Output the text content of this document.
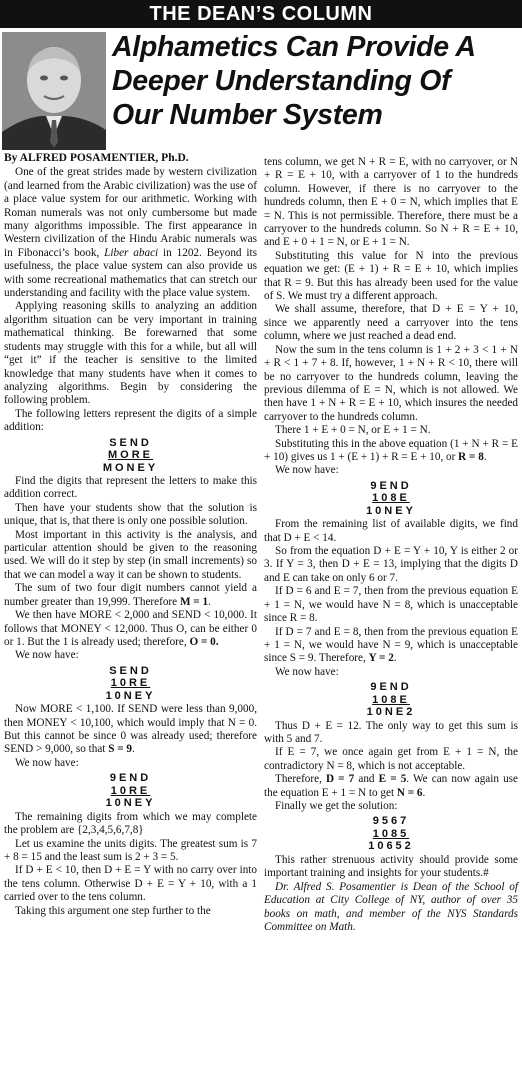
THE DEAN’S COLUMN
Alphametics Can Provide A
Deeper Understanding Of
Our Number System

By ALFRED POSAMENTIER, Ph.D.

One of the great strides made by western civilization (and learned from the Arabic civilization) was the use of a place value system for our arithmetic. Working with Roman numerals was not only cumbersome but made many algorithms impossible. The first appearance in Western civilization of the Hindu Arabic numerals was in Fibonacci’s book, Liber abaci in 1202. Beyond its usefulness, the place value system can also provide us with some recreational mathematics that can stretch our understanding and facility with the place value system.

Applying reasoning skills to analyzing an addition algorithm situation can be very important in training mathematical thinking. Be forewarned that some students may struggle with this for a while, but all will “get it” if the teacher is sensitive to the limited knowledge that many students have when it comes to analyzing algorithms. Begin by considering the following problem.

The following letters represent the digits of a simple addition:

SEND
MORE
MONEY

Find the digits that represent the letters to make this addition correct.

Then have your students show that the solution is unique, that is, that there is only one possible solution.

Most important in this activity is the analysis, and particular attention should be given to the reasoning used. We will do it step by step (in small increments) so that we can model a way it can be shown to students.

The sum of two four digit numbers cannot yield a number greater than 19,999. Therefore M = 1.

We then have MORE < 2,000 and SEND < 10,000. It follows that MONEY < 12,000. Thus O, can be either 0 or 1. But the 1 is already used; therefore, O = 0.

We now have:

SEND
10RE
10NEY

Now MORE < 1,100. If SEND were less than 9,000, then MONEY < 10,100, which would imply that N = 0. But this cannot be since 0 was already used; therefore SEND > 9,000, so that S = 9.

We now have:

9END
10RE
10NEY

The remaining digits from which we may complete the problem are {2,3,4,5,6,7,8}

Let us examine the units digits. The greatest sum is 7 + 8 = 15 and the least sum is 2 + 3 = 5.

If D + E < 10, then D + E = Y with no carry over into the tens column. Otherwise D + E = Y + 10, with a 1 carried over to the tens column.

Taking this argument one step further to the

tens column, we get N + R = E, with no carryover, or N + R = E + 10, with a carryover of 1 to the hundreds column. However, if there is no carryover to the hundreds column, then E + 0 = N, which implies that E = N. This is not permissible. Therefore, there must be a carryover to the hundreds column. So N + R = E + 10, and E + 0 + 1 = N, or E + 1 = N.

Substituting this value for N into the previous equation we get: (E + 1) + R = E + 10, which implies that R = 9. But this has already been used for the value of S. We must try a different approach.

We shall assume, therefore, that D + E = Y + 10, since we apparently need a carryover into the tens column, where we just reached a dead end.

Now the sum in the tens column is 1 + 2 + 3 < 1 + N + R < 1 + 7 + 8. If, however, 1 + N + R < 10, there will be no carryover to the hundreds column, leaving the previous dilemma of E = N, which is not allowed. We then have 1 + N + R = E + 10, which insures the needed carryover to the hundreds column.

There 1 + E + 0 = N, or E + 1 = N.

Substituting this in the above equation (1 + N + R = E + 10) gives us 1 + (E + 1) + R = E + 10, or R = 8.

We now have:

9END
108E
10NEY

From the remaining list of available digits, we find that D + E < 14.

So from the equation D + E = Y + 10, Y is either 2 or 3. If Y = 3, then D + E = 13, implying that the digits D and E can take on only 6 or 7.

If D = 6 and E = 7, then from the previous equation E + 1 = N, we would have N = 8, which is unacceptable since R = 8.

If D = 7 and E = 8, then from the previous equation E + 1 = N, we would have N = 9, which is unacceptable since S = 9. Therefore, Y = 2.

We now have:

9END
108E
10NE2

Thus D + E = 12. The only way to get this sum is with 5 and 7.

If E = 7, we once again get from E + 1 = N, the contradictory N = 8, which is not acceptable.

Therefore, D = 7 and E = 5. We can now again use the equation E + 1 = N to get N = 6.

Finally we get the solution:

9567
1085
10652

This rather strenuous activity should provide some important training and insights for your students.#

Dr. Alfred S. Posamentier is Dean of the School of Education at City College of NY, author of over 35 books on math, and member of the NYS Standards Committee on Math.
